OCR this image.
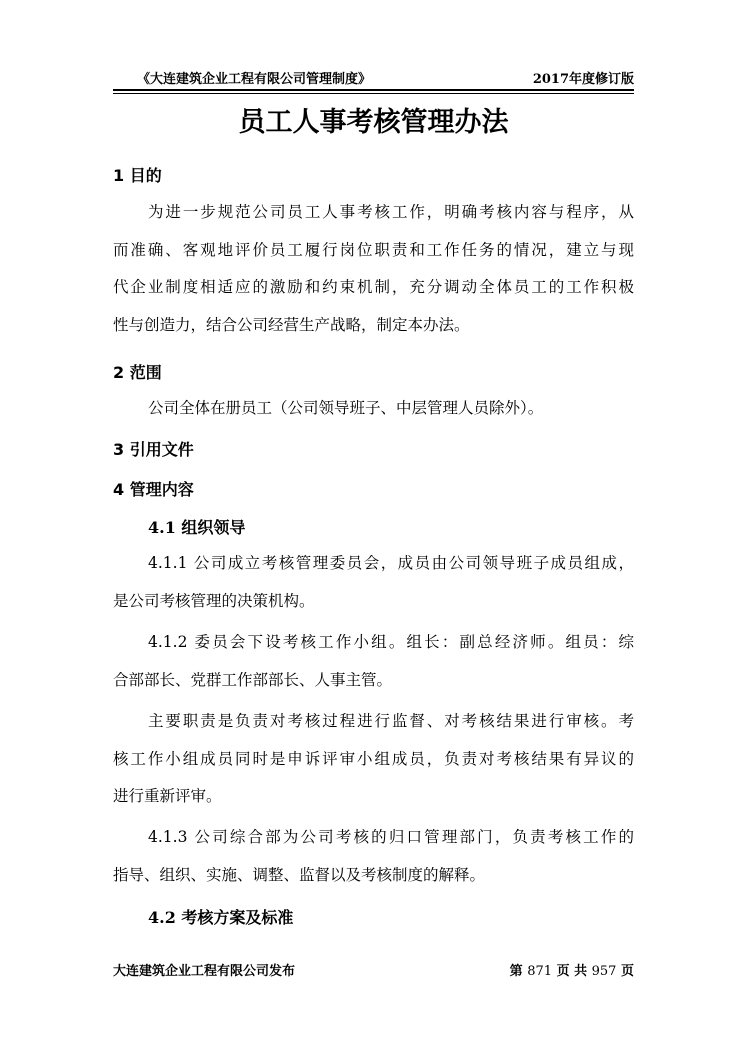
《大连建筑企业工程有限公司管理制度》	2017年度修订版
员工人事考核管理办法
1 目的
为进一步规范公司员工人事考核工作，明确考核内容与程序，从
而准确、客观地评价员工履行岗位职责和工作任务的情况，建立与现
代企业制度相适应的激励和约束机制，充分调动全体员工的工作积极
性与创造力，结合公司经营生产战略，制定本办法。
2 范围
公司全体在册员工（公司领导班子、中层管理人员除外）。
3 引用文件
4 管理内容
4.1 组织领导
4.1.1 公司成立考核管理委员会，成员由公司领导班子成员组成，
是公司考核管理的决策机构。
4.1.2 委员会下设考核工作小组。组长：副总经济师。组员：综
合部部长、党群工作部部长、人事主管。
主要职责是负责对考核过程进行监督、对考核结果进行审核。考
核工作小组成员同时是申诉评审小组成员，负责对考核结果有异议的
进行重新评审。
4.1.3 公司综合部为公司考核的归口管理部门，负责考核工作的
指导、组织、实施、调整、监督以及考核制度的解释。
4.2 考核方案及标准
大连建筑企业工程有限公司发布	第 871 页 共 957 页
